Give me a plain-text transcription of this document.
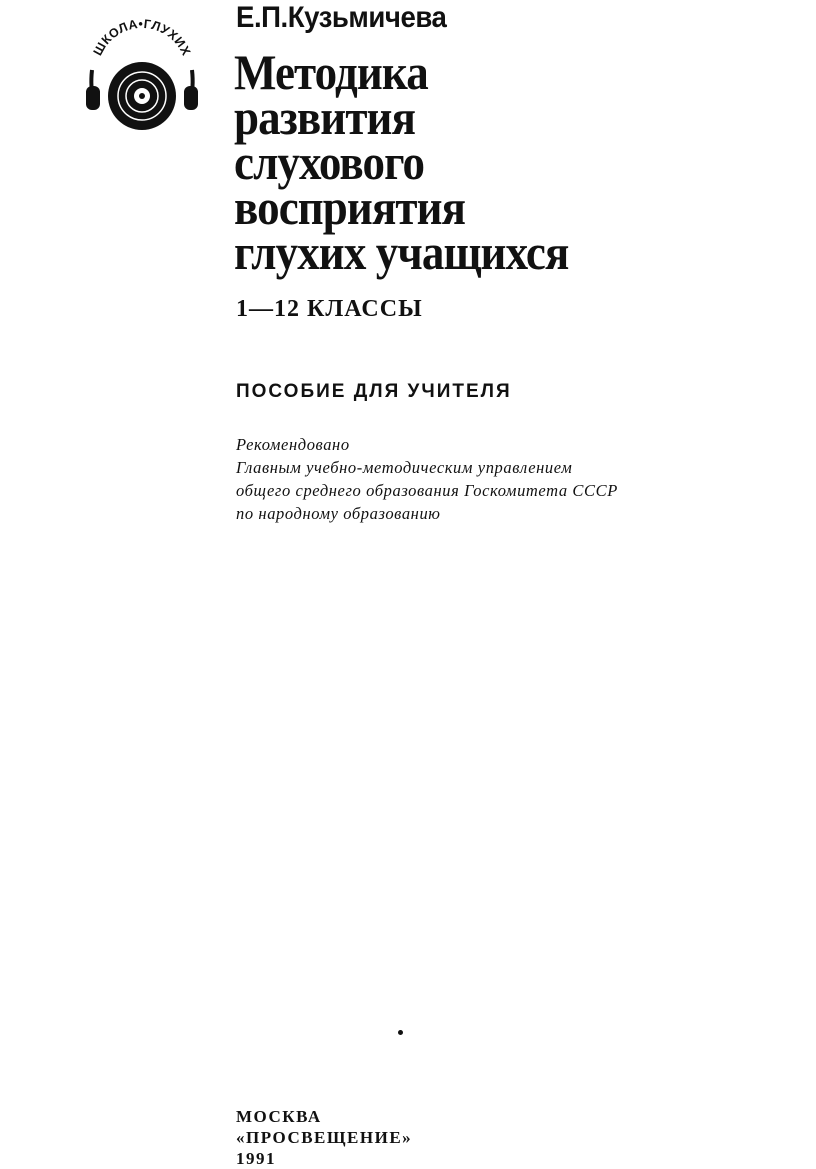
ШКОЛА•ГЛУХИХ

Е.П.Кузьмичева

Методика
развития
слухового
восприятия
глухих учащихся

1—12 КЛАССЫ

ПОСОБИЕ ДЛЯ УЧИТЕЛЯ

Рекомендовано
Главным учебно-методическим управлением
общего среднего образования Госкомитета СССР
по народному образованию

МОСКВА
«ПРОСВЕЩЕНИЕ»
1991
